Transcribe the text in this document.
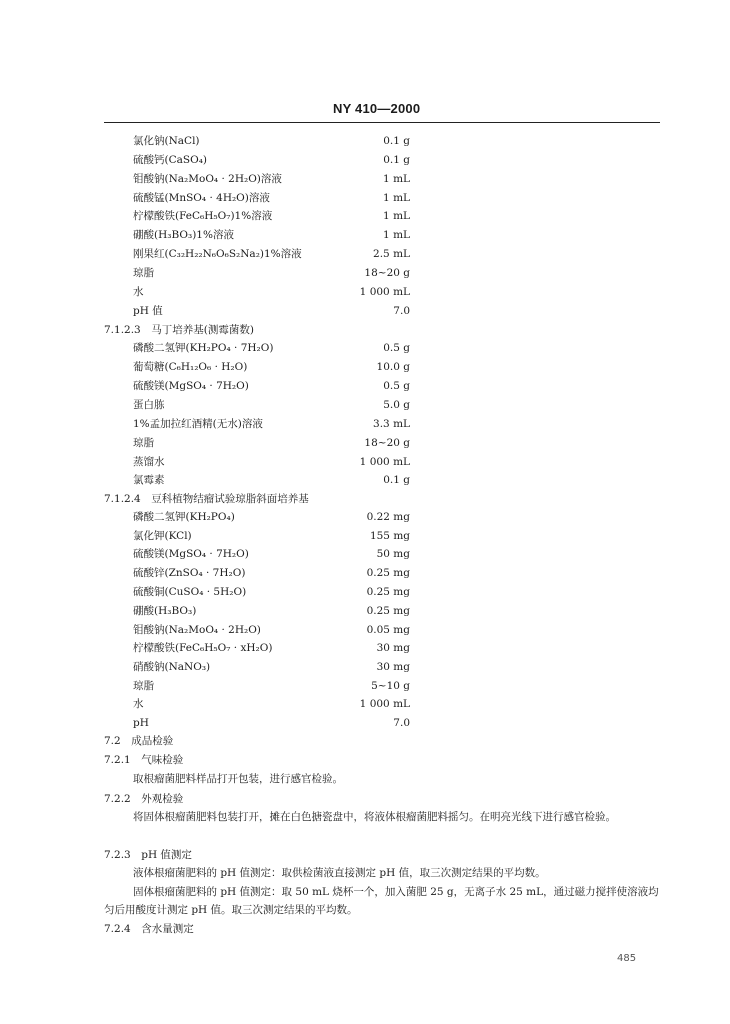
NY 410—2000
氯化钠(NaCl)	0.1 g
硫酸钙(CaSO₄)	0.1 g
钼酸钠(Na₂MoO₄ · 2H₂O)溶液	1 mL
硫酸锰(MnSO₄ · 4H₂O)溶液	1 mL
柠檬酸铁(FeC₆H₅O₇)1%溶液	1 mL
硼酸(H₃BO₃)1%溶液	1 mL
刚果红(C₃₂H₂₂N₆O₆S₂Na₂)1%溶液	2.5 mL
琼脂	18~20 g
水	1 000 mL
pH 值	7.0
7.1.2.3　马丁培养基(测霉菌数)
磷酸二氢钾(KH₂PO₄ · 7H₂O)	0.5 g
葡萄糖(C₆H₁₂O₆ · H₂O)	10.0 g
硫酸镁(MgSO₄ · 7H₂O)	0.5 g
蛋白胨	5.0 g
1%孟加拉红酒精(无水)溶液	3.3 mL
琼脂	18~20 g
蒸馏水	1 000 mL
氯霉素	0.1 g
7.1.2.4　豆科植物结瘤试验琼脂斜面培养基
磷酸二氢钾(KH₂PO₄)	0.22 mg
氯化钾(KCl)	155 mg
硫酸镁(MgSO₄ · 7H₂O)	50 mg
硫酸锌(ZnSO₄ · 7H₂O)	0.25 mg
硫酸铜(CuSO₄ · 5H₂O)	0.25 mg
硼酸(H₃BO₃)	0.25 mg
钼酸钠(Na₂MoO₄ · 2H₂O)	0.05 mg
柠檬酸铁(FeC₆H₅O₇ · xH₂O)	30 mg
硝酸钠(NaNO₃)	30 mg
琼脂	5~10 g
水	1 000 mL
pH	7.0
7.2　成品检验
7.2.1　气味检验
取根瘤菌肥料样品打开包装，进行感官检验。
7.2.2　外观检验
将固体根瘤菌肥料包装打开，摊在白色搪瓷盘中，将液体根瘤菌肥料摇匀。在明亮光线下进行感官检验。
7.2.3　pH 值测定
液体根瘤菌肥料的 pH 值测定：取供检菌液直接测定 pH 值，取三次测定结果的平均数。
固体根瘤菌肥料的 pH 值测定：取 50 mL 烧杯一个，加入菌肥 25 g，无离子水 25 mL，通过磁力搅拌使溶液均匀后用酸度计测定 pH 值。取三次测定结果的平均数。
7.2.4　含水量测定
485
